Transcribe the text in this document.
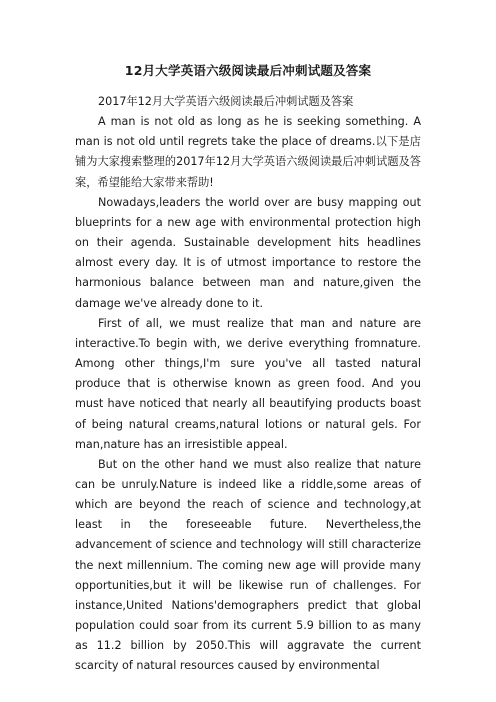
12月大学英语六级阅读最后冲刺试题及答案

2017年12月大学英语六级阅读最后冲刺试题及答案

A man is not old as long as he is seeking something. A man is not old until regrets take the place of dreams.以下是店铺为大家搜索整理的2017年12月大学英语六级阅读最后冲刺试题及答案，希望能给大家带来帮助!

Nowadays,leaders the world over are busy mapping out blueprints for a new age with environmental protection high on their agenda. Sustainable development hits headlines almost every day. It is of utmost importance to restore the harmonious balance between man and nature,given the damage we've already done to it.

First of all, we must realize that man and nature are interactive.To begin with, we derive everything fromnature. Among other things,I'm sure you've all tasted natural produce that is otherwise known as green food. And you must have noticed that nearly all beautifying products boast of being natural creams,natural lotions or natural gels. For man,nature has an irresistible appeal.

But on the other hand we must also realize that nature can be unruly.Nature is indeed like a riddle,some areas of which are beyond the reach of science and technology,at least in the foreseeable future. Nevertheless,the advancement of science and technology will still characterize the next millennium. The coming new age will provide many opportunities,but it will be likewise run of challenges. For instance,United Nations'demographers predict that global population could soar from its current 5.9 billion to as many as 11.2 billion by 2050.This will aggravate the current scarcity of natural resources caused by environmental
